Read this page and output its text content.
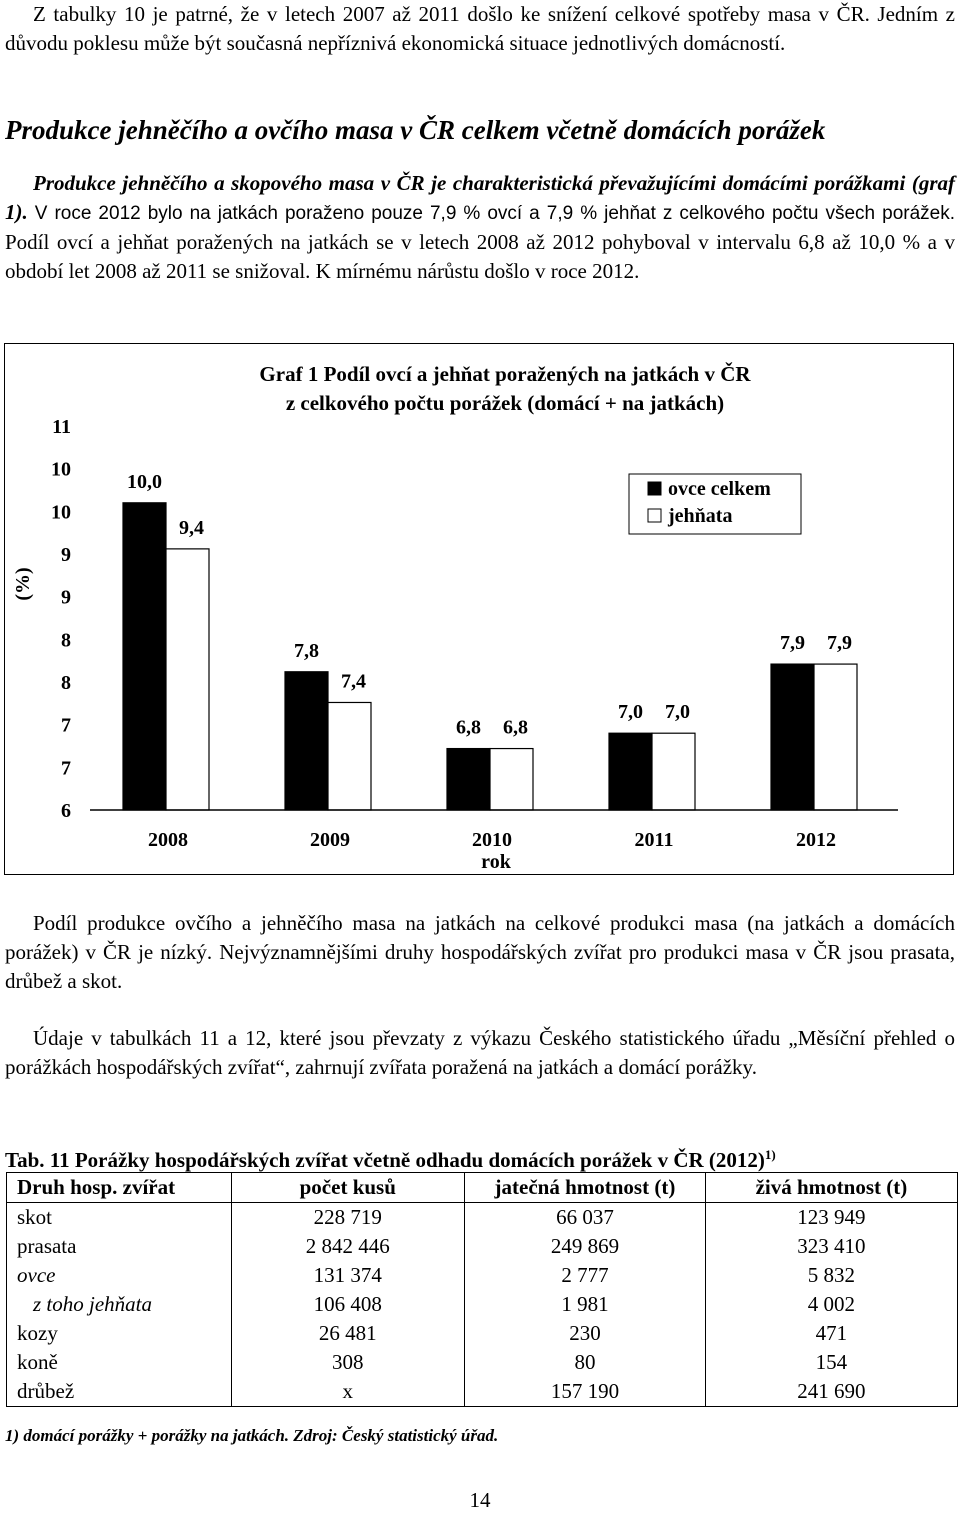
Z tabulky 10 je patrné, že v letech 2007 až 2011 došlo ke snížení celkové spotřeby masa v ČR. Jedním z důvodu poklesu může být současná nepříznivá ekonomická situace jednotlivých domácností.

Produkce jehněčího a ovčího masa v ČR celkem včetně domácích porážek

Produkce jehněčího a skopového masa v ČR je charakteristická převažujícími domácími porážkami (graf 1). V roce 2012 bylo na jatkách poraženo pouze 7,9 % ovcí a 7,9 % jehňat z celkového počtu všech porážek. Podíl ovcí a jehňat poražených na jatkách se v letech 2008 až 2012 pohyboval v intervalu 6,8 až 10,0 % a v období let 2008 až 2011 se snižoval. K mírnému nárůstu došlo v roce 2012.

Graf 1 Podíl ovcí a jehňat poražených na jatkách v ČR
z celkového počtu porážek (domácí + na jatkách)
(%)
rok
11
10
10
9
9
8
8
7
7
6
10,0
9,4
7,8
7,4
6,8 6,8
7,0 7,0
7,9 7,9
2008	2009	2010	2011	2012
ovce celkem
jehňata

Podíl produkce ovčího a jehněčího masa na jatkách na celkové produkci masa (na jatkách a domácích porážek) v ČR je nízký. Nejvýznamnějšími druhy hospodářských zvířat pro produkci masa v ČR jsou prasata, drůbež a skot.

Údaje v tabulkách 11 a 12, které jsou převzaty z výkazu Českého statistického úřadu „Měsíční přehled o porážkách hospodářských zvířat“, zahrnují zvířata poražená na jatkách a domácí porážky.

Tab. 11 Porážky hospodářských zvířat včetně odhadu domácích porážek v ČR $(2012)^{1)}$

Druh hosp. zvířat	počet kusů	jatečná hmotnost (t)	živá hmotnost (t)
skot	228 719	66 037	123 949
prasata	2 842 446	249 869	323 410
ovce	131 374	2 777	5 832
z toho jehňata	106 408	1 981	4 002
kozy	26 481	230	471
koně	308	80	154
drůbež	x	157 190	241 690

1) domácí porážky + porážky na jatkách. Zdroj: Český statistický úřad.

14
